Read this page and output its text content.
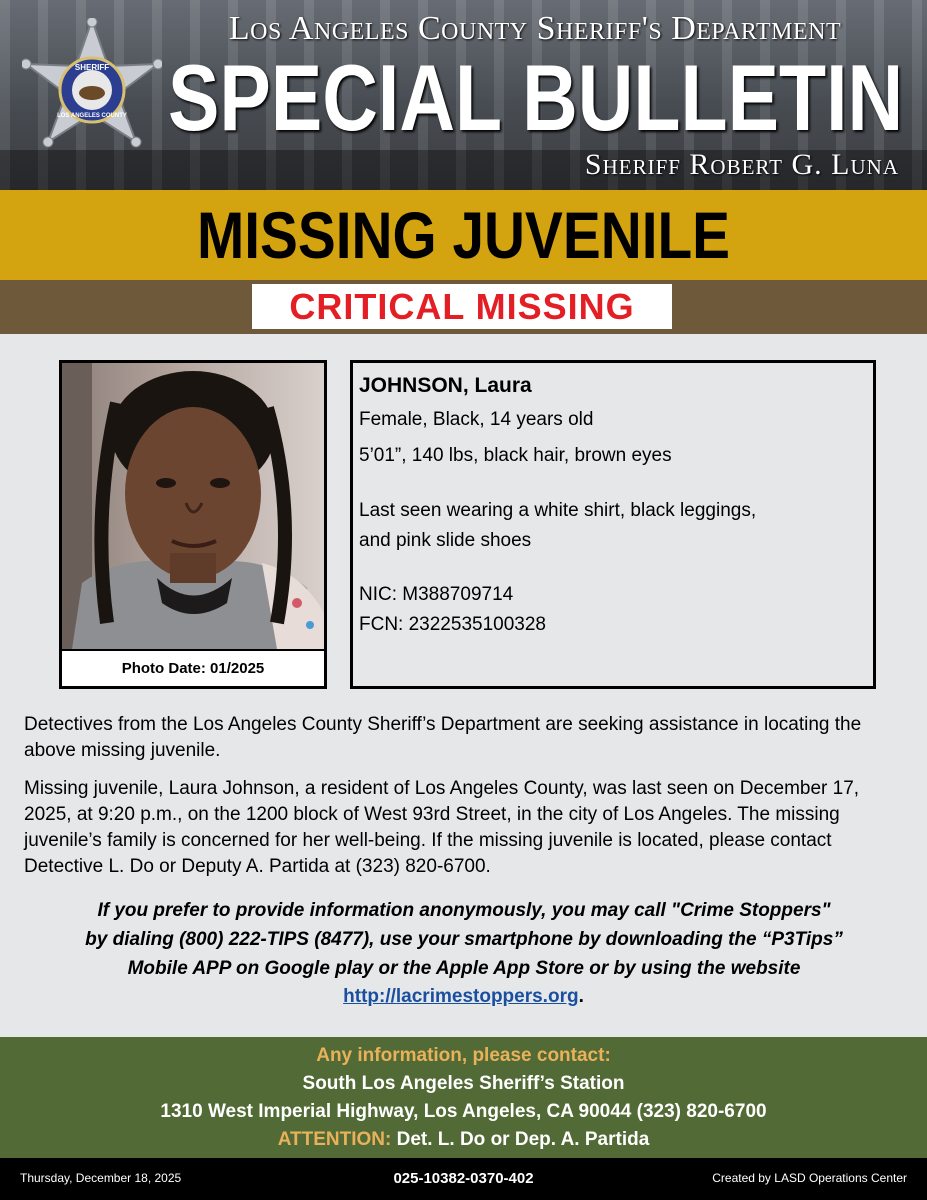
SHERIFF
LOS ANGELES COUNTY
Los Angeles County Sheriff's Department
SPECIAL BULLETIN
Sheriff Robert G. Luna
MISSING JUVENILE
CRITICAL MISSING
Photo Date: 01/2025
JOHNSON, Laura
Female, Black, 14 years old
5’01”, 140 lbs, black hair, brown eyes
Last seen wearing a white shirt, black leggings,
and pink slide shoes
NIC: M388709714
FCN: 2322535100328

Detectives from the Los Angeles County Sheriff’s Department are seeking assistance in locating the above missing juvenile.

Missing juvenile, Laura Johnson, a resident of Los Angeles County, was last seen on December 17, 2025, at 9:20 p.m., on the 1200 block of West 93rd Street, in the city of Los Angeles. The missing juvenile’s family is concerned for her well-being. If the missing juvenile is located, please contact Detective L. Do or Deputy A. Partida at (323) 820-6700.

If you prefer to provide information anonymously, you may call "Crime Stoppers"
by dialing (800) 222-TIPS (8477), use your smartphone by downloading the “P3Tips”
Mobile APP on Google play or the Apple App Store or by using the website
http://lacrimestoppers.org.
Any information, please contact:
South Los Angeles Sheriff’s Station
1310 West Imperial Highway, Los Angeles, CA 90044 (323) 820-6700
ATTENTION: Det. L. Do or Dep. A. Partida
Thursday, December 18, 2025	025-10382-0370-402	Created by LASD Operations Center
